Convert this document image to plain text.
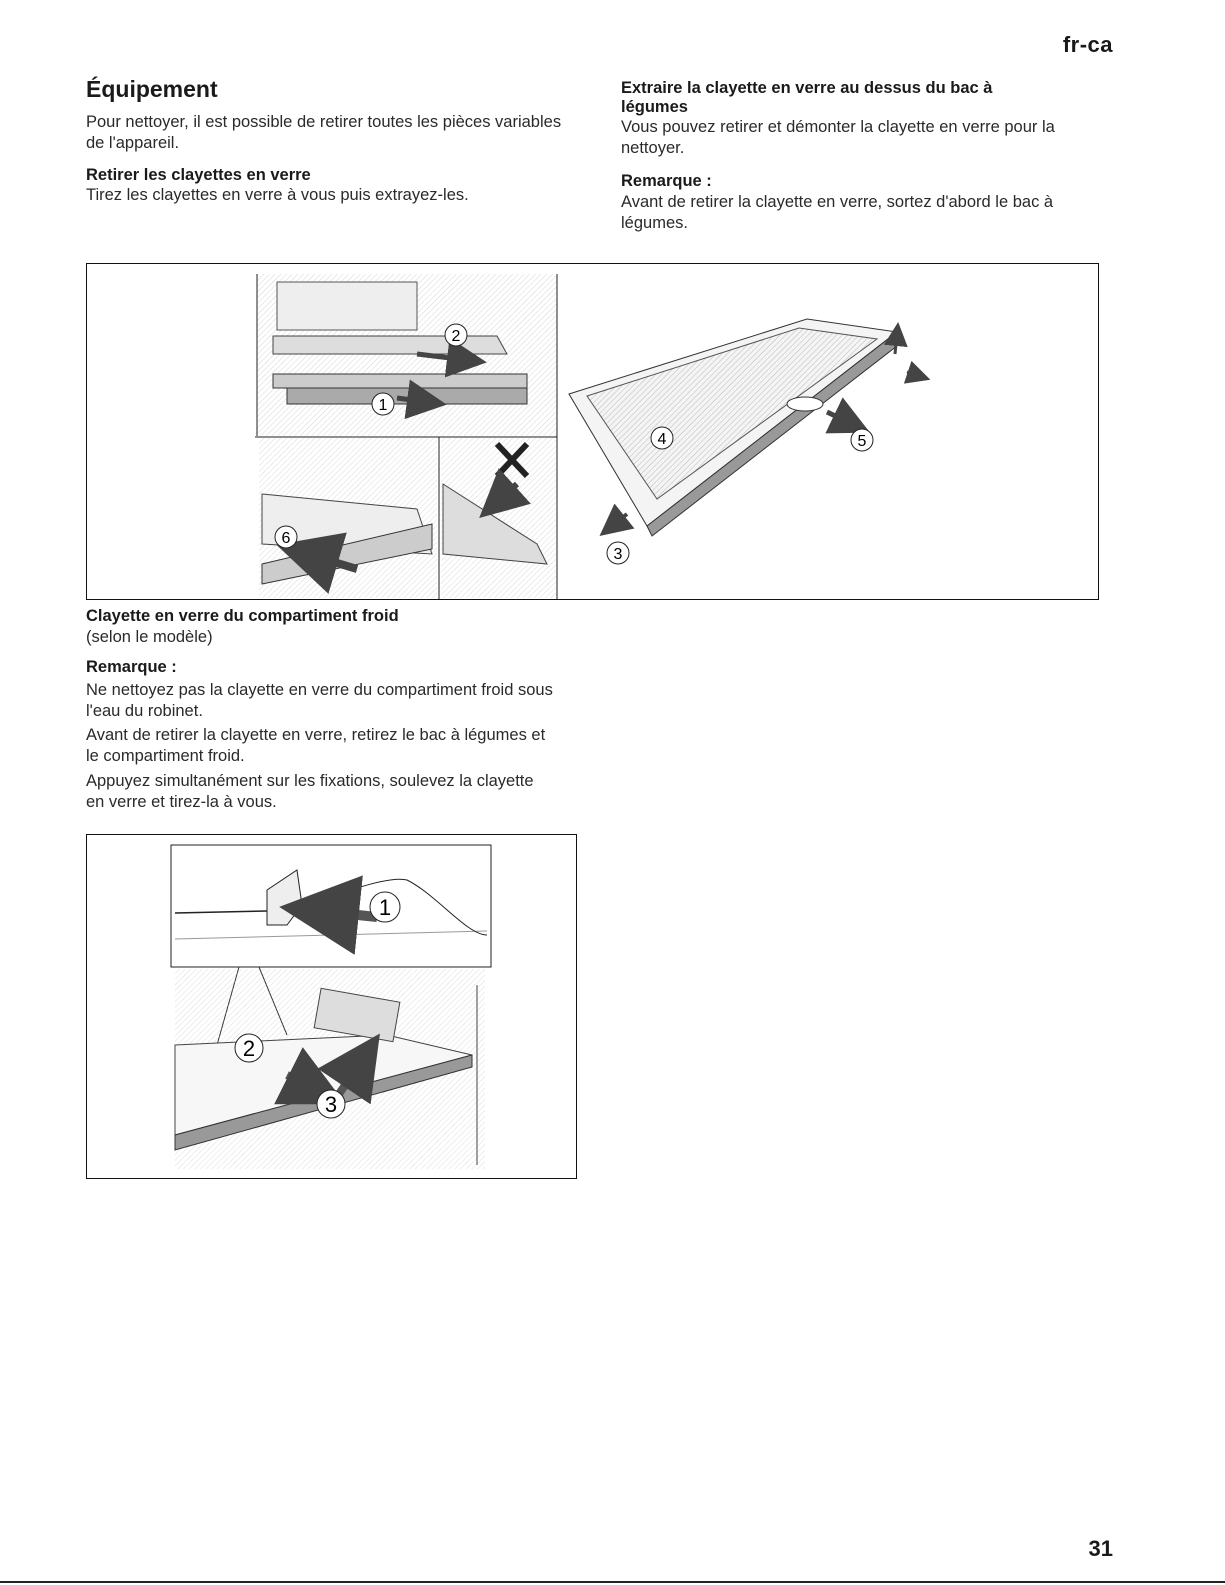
fr-ca
Équipement
Pour nettoyer, il est possible de retirer toutes les pièces variables de l'appareil.
Retirer les clayettes en verre
Tirez les clayettes en verre à vous puis extrayez-les.
Extraire la clayette en verre au dessus du bac à légumes
Vous pouvez retirer et démonter la clayette en verre pour la nettoyer.
Remarque :
Avant de retirer la clayette en verre, sortez d'abord le bac à légumes.
2
1
6
4	5
3
Clayette en verre du compartiment froid
(selon le modèle)
Remarque :
Ne nettoyez pas la clayette en verre du compartiment froid sous l'eau du robinet.
Avant de retirer la clayette en verre, retirez le bac à légumes et le compartiment froid.
Appuyez simultanément sur les fixations, soulevez la clayette en verre et tirez-la à vous.
1
2
3
31
